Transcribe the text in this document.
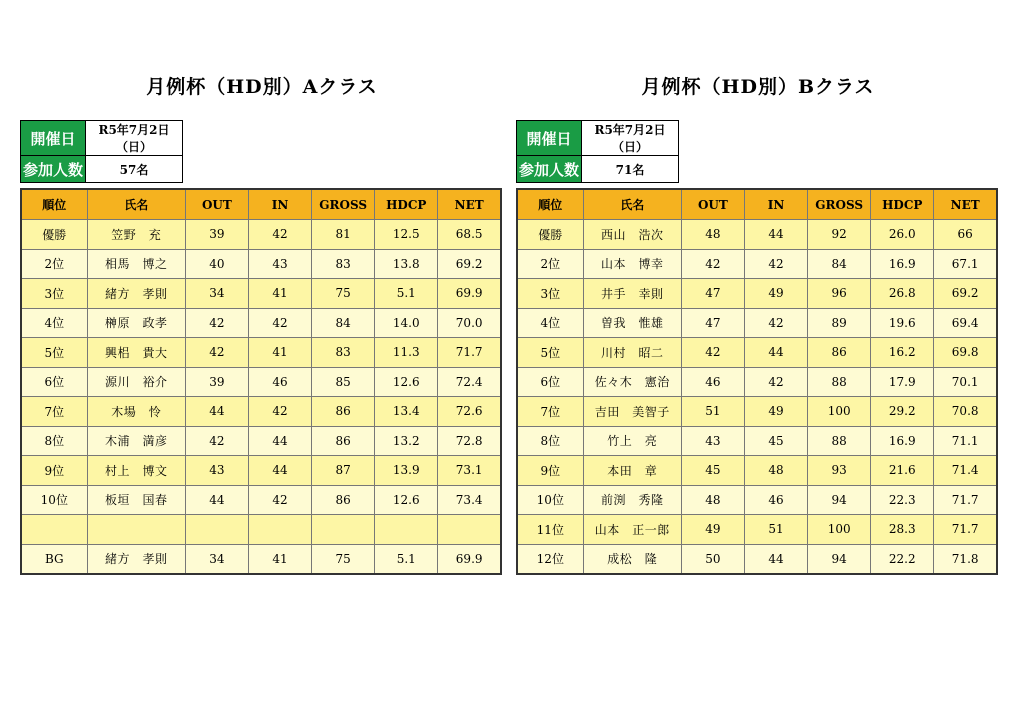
月例杯（HD別）Aクラス
開催日	R5年7月2日（日）
参加人数	57名
順位	氏名	OUT	IN	GROSS	HDCP	NET
優勝	笠野　充	39	42	81	12.5	68.5
2位	相馬　博之	40	43	83	13.8	69.2
3位	緒方　孝則	34	41	75	5.1	69.9
4位	榊原　政孝	42	42	84	14.0	70.0
5位	興梠　貴大	42	41	83	11.3	71.7
6位	源川　裕介	39	46	85	12.6	72.4
7位	木場　怜	44	42	86	13.4	72.6
8位	木浦　満彦	42	44	86	13.2	72.8
9位	村上　博文	43	44	87	13.9	73.1
10位	板垣　国春	44	42	86	12.6	73.4

BG	緒方　孝則	34	41	75	5.1	69.9
月例杯（HD別）Bクラス
開催日	R5年7月2日（日）
参加人数	71名
順位	氏名	OUT	IN	GROSS	HDCP	NET
優勝	西山　浩次	48	44	92	26.0	66
2位	山本　博幸	42	42	84	16.9	67.1
3位	井手　幸則	47	49	96	26.8	69.2
4位	曽我　惟雄	47	42	89	19.6	69.4
5位	川村　昭二	42	44	86	16.2	69.8
6位	佐々木　憲治	46	42	88	17.9	70.1
7位	吉田　美智子	51	49	100	29.2	70.8
8位	竹上　亮	43	45	88	16.9	71.1
9位	本田　章	45	48	93	21.6	71.4
10位	前渕　秀隆	48	46	94	22.3	71.7
11位	山本　正一郎	49	51	100	28.3	71.7
12位	成松　隆	50	44	94	22.2	71.8
